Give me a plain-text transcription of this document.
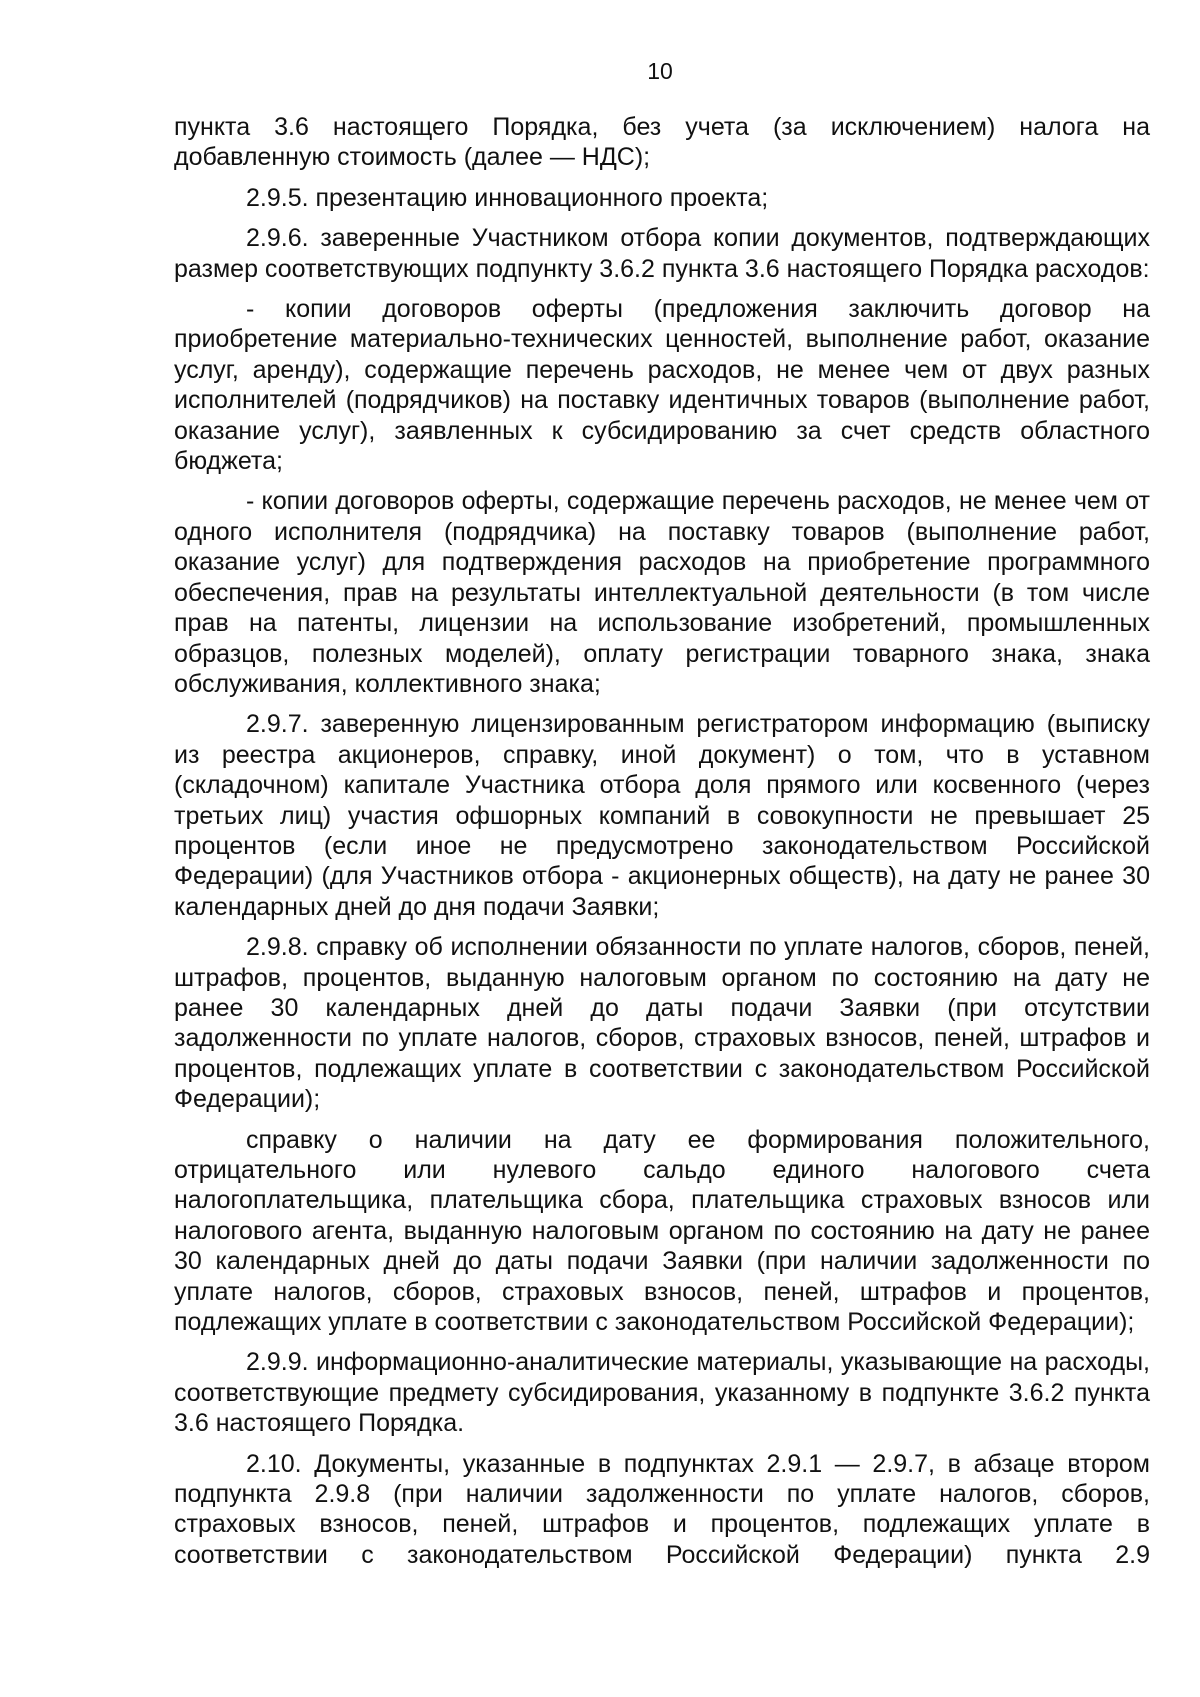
10

пункта 3.6 настоящего Порядка, без учета (за исключением) налога на добавленную стоимость (далее — НДС);

2.9.5. презентацию инновационного проекта;

2.9.6. заверенные Участником отбора копии документов, подтверждающих размер соответствующих подпункту 3.6.2 пункта 3.6 настоящего Порядка расходов:

- копии договоров оферты (предложения заключить договор на приобретение материально-технических ценностей, выполнение работ, оказание услуг, аренду), содержащие перечень расходов, не менее чем от двух разных исполнителей (подрядчиков) на поставку идентичных товаров (выполнение работ, оказание услуг), заявленных к субсидированию за счет средств областного бюджета;

- копии договоров оферты, содержащие перечень расходов, не менее чем от одного исполнителя (подрядчика) на поставку товаров (выполнение работ, оказание услуг) для подтверждения расходов на приобретение программного обеспечения, прав на результаты интеллектуальной деятельности (в том числе прав на патенты, лицензии на использование изобретений, промышленных образцов, полезных моделей), оплату регистрации товарного знака, знака обслуживания, коллективного знака;

2.9.7. заверенную лицензированным регистратором информацию (выписку из реестра акционеров, справку, иной документ) о том, что в уставном (складочном) капитале Участника отбора доля прямого или косвенного (через третьих лиц) участия офшорных компаний в совокупности не превышает 25 процентов (если иное не предусмотрено законодательством Российской Федерации) (для Участников отбора - акционерных обществ), на дату не ранее 30 календарных дней до дня подачи Заявки;

2.9.8. справку об исполнении обязанности по уплате налогов, сборов, пеней, штрафов, процентов, выданную налоговым органом по состоянию на дату не ранее 30 календарных дней до даты подачи Заявки (при отсутствии задолженности по уплате налогов, сборов, страховых взносов, пеней, штрафов и процентов, подлежащих уплате в соответствии с законодательством Российской Федерации);

справку о наличии на дату ее формирования положительного, отрицательного или нулевого сальдо единого налогового счета налогоплательщика, плательщика сбора, плательщика страховых взносов или налогового агента, выданную налоговым органом по состоянию на дату не ранее 30 календарных дней до даты подачи Заявки (при наличии задолженности по уплате налогов, сборов, страховых взносов, пеней, штрафов и процентов, подлежащих уплате в соответствии с законодательством Российской Федерации);

2.9.9. информационно-аналитические материалы, указывающие на расходы, соответствующие предмету субсидирования, указанному в подпункте 3.6.2 пункта 3.6 настоящего Порядка.

2.10. Документы, указанные в подпунктах 2.9.1 — 2.9.7, в абзаце втором подпункта 2.9.8 (при наличии задолженности по уплате налогов, сборов, страховых взносов, пеней, штрафов и процентов, подлежащих уплате в соответствии с законодательством Российской Федерации) пункта 2.9
